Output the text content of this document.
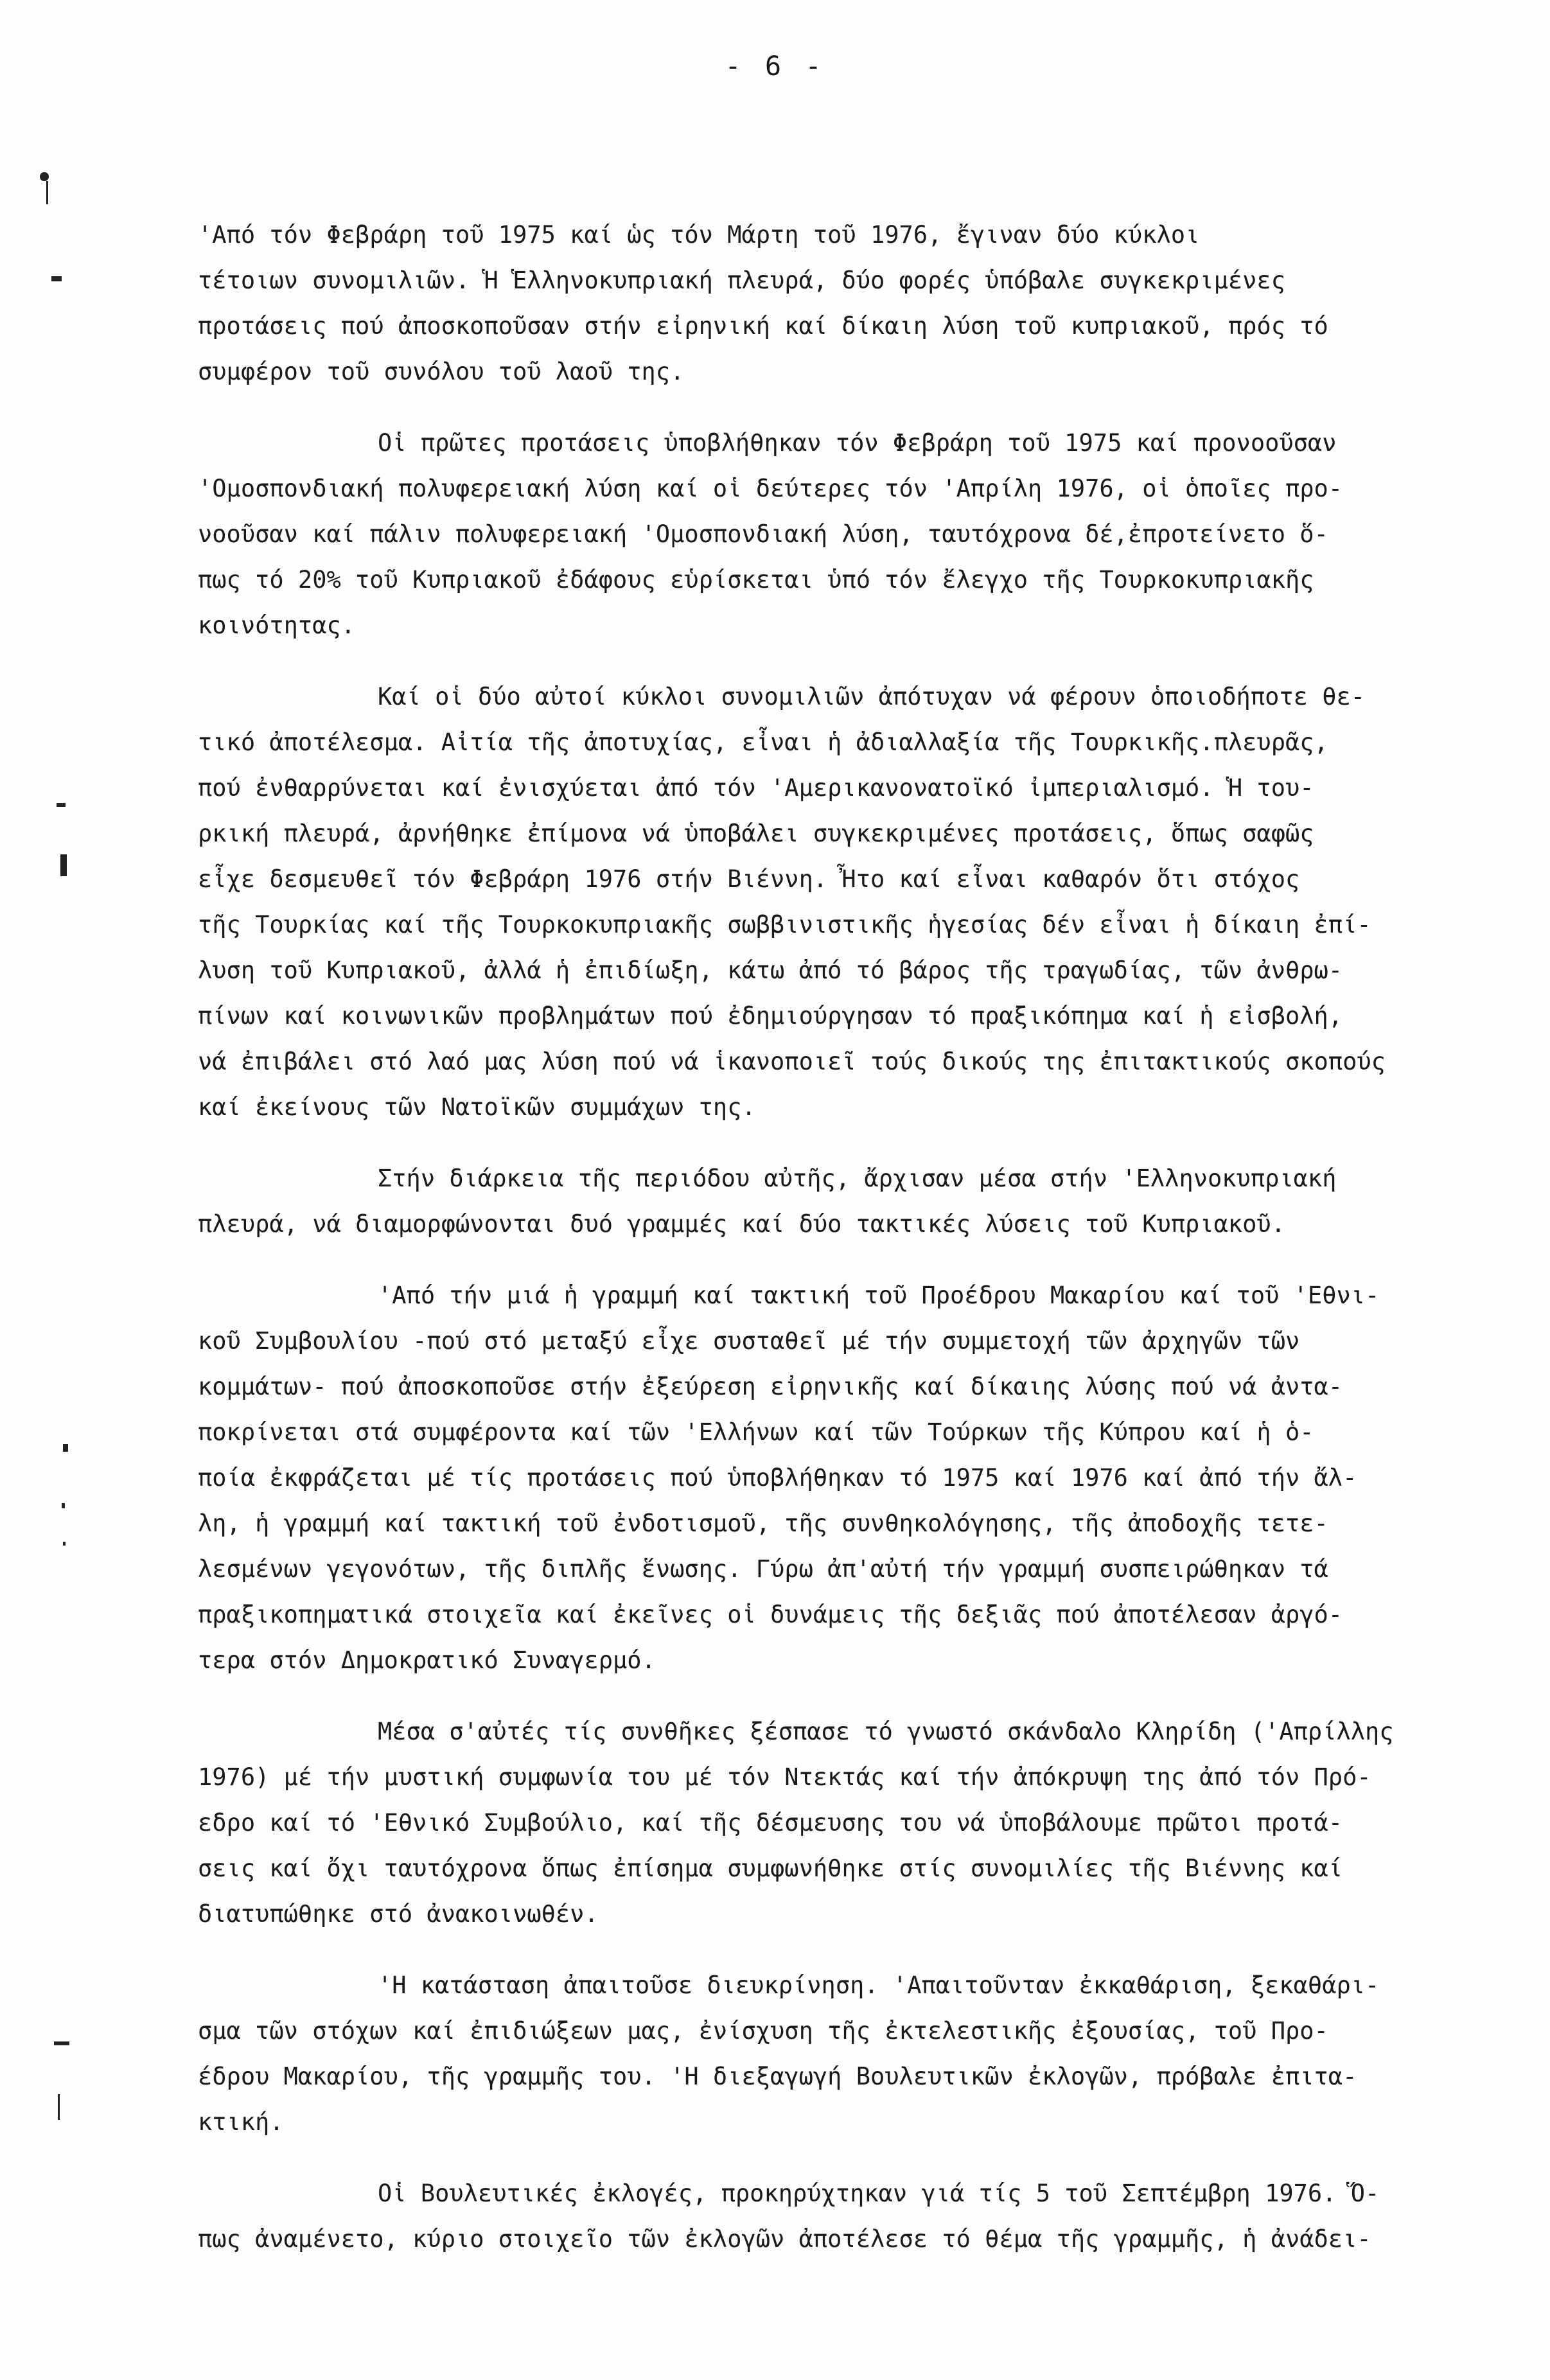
- 6 -
'Από τόν Φεβράρη τοῦ 1975 καί ὡς τόν Μάρτη τοῦ 1976, ἔγιναν δύο κύκλοι
τέτοιων συνομιλιῶν. Ἡ Ἑλληνοκυπριακή πλευρά, δύο φορές ὑπόβαλε συγκεκριμένες
προτάσεις πού ἀποσκοποῦσαν στήν εἰρηνική καί δίκαιη λύση τοῦ κυπριακοῦ, πρός τό
συμφέρον τοῦ συνόλου τοῦ λαοῦ της.
Οἱ πρῶτες προτάσεις ὑποβλήθηκαν τόν Φεβράρη τοῦ 1975 καί προνοοῦσαν
'Ομοσπονδιακή πολυφερειακή λύση καί οἱ δεύτερες τόν 'Απρίλη 1976, οἱ ὁποῖες προ-
νοοῦσαν καί πάλιν πολυφερειακή 'Ομοσπονδιακή λύση, ταυτόχρονα δέ,ἐπροτείνετο ὅ-
πως τό 20% τοῦ Κυπριακοῦ ἐδάφους εὑρίσκεται ὑπό τόν ἔλεγχο τῆς Τουρκοκυπριακῆς
κοινότητας.
Καί οἱ δύο αὐτοί κύκλοι συνομιλιῶν ἀπότυχαν νά φέρουν ὁποιοδήποτε θε-
τικό ἀποτέλεσμα. Αἰτία τῆς ἀποτυχίας, εἶναι ἡ ἀδιαλλαξία τῆς Τουρκικῆς.πλευρᾶς,
πού ἐνθαρρύνεται καί ἐνισχύεται ἀπό τόν 'Αμερικανονατοϊκό ἰμπεριαλισμό. Ἡ του-
ρκική πλευρά, ἀρνήθηκε ἐπίμονα νά ὑποβάλει συγκεκριμένες προτάσεις, ὅπως σαφῶς
εἶχε δεσμευθεῖ τόν Φεβράρη 1976 στήν Βιέννη. Ἦτο καί εἶναι καθαρόν ὅτι στόχος
τῆς Τουρκίας καί τῆς Τουρκοκυπριακῆς σωββινιστικῆς ἡγεσίας δέν εἶναι ἡ δίκαιη ἐπί-
λυση τοῦ Κυπριακοῦ, ἀλλά ἡ ἐπιδίωξη, κάτω ἀπό τό βάρος τῆς τραγωδίας, τῶν ἀνθρω-
πίνων καί κοινωνικῶν προβλημάτων πού ἐδημιούργησαν τό πραξικόπημα καί ἡ εἰσβολή,
νά ἐπιβάλει στό λαό μας λύση πού νά ἱκανοποιεῖ τούς δικούς της ἐπιτακτικούς σκοπούς
καί ἐκείνους τῶν Νατοϊκῶν συμμάχων της.
Στήν διάρκεια τῆς περιόδου αὐτῆς, ἄρχισαν μέσα στήν 'Ελληνοκυπριακή
πλευρά, νά διαμορφώνονται δυό γραμμές καί δύο τακτικές λύσεις τοῦ Κυπριακοῦ.
'Από τήν μιά ἡ γραμμή καί τακτική τοῦ Προέδρου Μακαρίου καί τοῦ 'Εθνι-
κοῦ Συμβουλίου -πού στό μεταξύ εἶχε συσταθεῖ μέ τήν συμμετοχή τῶν ἀρχηγῶν τῶν
κομμάτων- πού ἀποσκοποῦσε στήν ἐξεύρεση εἰρηνικῆς καί δίκαιης λύσης πού νά ἀντα-
ποκρίνεται στά συμφέροντα καί τῶν 'Ελλήνων καί τῶν Τούρκων τῆς Κύπρου καί ἡ ὁ-
ποία ἐκφράζεται μέ τίς προτάσεις πού ὑποβλήθηκαν τό 1975 καί 1976 καί ἀπό τήν ἄλ-
λη, ἡ γραμμή καί τακτική τοῦ ἐνδοτισμοῦ, τῆς συνθηκολόγησης, τῆς ἀποδοχῆς τετε-
λεσμένων γεγονότων, τῆς διπλῆς ἕνωσης. Γύρω ἀπ'αὐτή τήν γραμμή συσπειρώθηκαν τά
πραξικοπηματικά στοιχεῖα καί ἐκεῖνες οἱ δυνάμεις τῆς δεξιᾶς πού ἀποτέλεσαν ἀργό-
τερα στόν Δημοκρατικό Συναγερμό.
Μέσα σ'αὐτές τίς συνθῆκες ξέσπασε τό γνωστό σκάνδαλο Κληρίδη ('Απρίλλης
1976) μέ τήν μυστική συμφωνία του μέ τόν Ντεκτάς καί τήν ἀπόκρυψη της ἀπό τόν Πρό-
εδρο καί τό 'Εθνικό Συμβούλιο, καί τῆς δέσμευσης του νά ὑποβάλουμε πρῶτοι προτά-
σεις καί ὄχι ταυτόχρονα ὅπως ἐπίσημα συμφωνήθηκε στίς συνομιλίες τῆς Βιέννης καί
διατυπώθηκε στό ἀνακοινωθέν.
'Η κατάσταση ἀπαιτοῦσε διευκρίνηση. 'Απαιτοῦνταν ἐκκαθάριση, ξεκαθάρι-
σμα τῶν στόχων καί ἐπιδιώξεων μας, ἐνίσχυση τῆς ἐκτελεστικῆς ἐξουσίας, τοῦ Προ-
έδρου Μακαρίου, τῆς γραμμῆς του. 'Η διεξαγωγή Βουλευτικῶν ἐκλογῶν, πρόβαλε ἐπιτα-
κτική.
Οἱ Βουλευτικές ἐκλογές, προκηρύχτηκαν γιά τίς 5 τοῦ Σεπτέμβρη 1976. Ὅ-
πως ἀναμένετο, κύριο στοιχεῖο τῶν ἐκλογῶν ἀποτέλεσε τό θέμα τῆς γραμμῆς, ἡ ἀνάδει-
